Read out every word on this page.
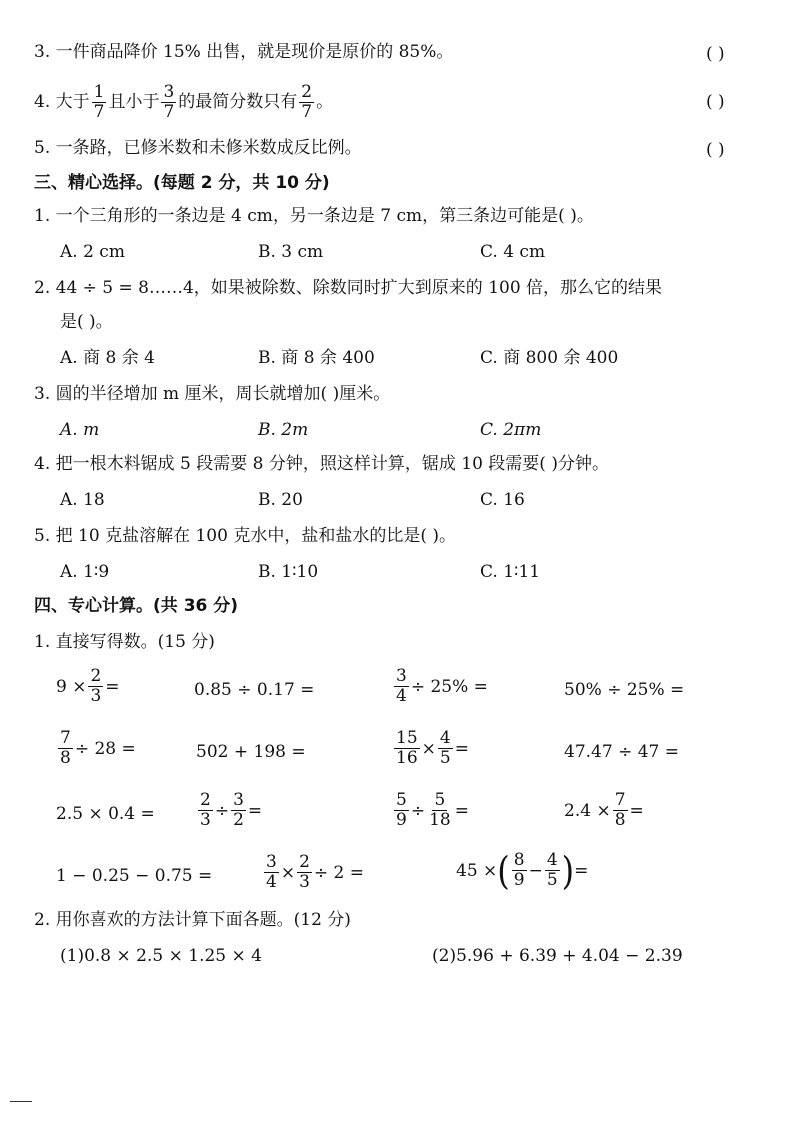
3. 一件商品降价 15% 出售，就是现价是原价的 85%。	( )
4. 大于 $\frac{1}{7}$ 且小于 $\frac{3}{7}$ 的最简分数只有 $\frac{2}{7}$ 。	( )
5. 一条路，已修米数和未修米数成反比例。	( )
三、精心选择。(每题 2 分，共 10 分)
1. 一个三角形的一条边是 4 cm，另一条边是 7 cm，第三条边可能是( )。
A. 2 cm	B. 3 cm	C. 4 cm
2. 44 ÷ 5 = 8……4，如果被除数、除数同时扩大到原来的 100 倍，那么它的结果
是( )。
A. 商 8 余 4	B. 商 8 余 400	C. 商 800 余 400
3. 圆的半径增加 m 厘米，周长就增加( )厘米。
A. m	B. 2m	C. 2πm
4. 把一根木料锯成 5 段需要 8 分钟，照这样计算，锯成 10 段需要( )分钟。
A. 18	B. 20	C. 16
5. 把 10 克盐溶解在 100 克水中，盐和盐水的比是( )。
A. 1∶9	B. 1∶10	C. 1∶11
四、专心计算。(共 36 分)
1. 直接写得数。(15 分)
$9 \times \frac{2}{3}$ =	0.85 ÷ 0.17 =	$\frac{3}{4} \div 25\%$ =	50% ÷ 25% =
$\frac{7}{8} \div 28$ =	502 + 198 =	$\frac{15}{16} \times \frac{4}{5}$ =	47.47 ÷ 47 =
2.5 × 0.4 =	$\frac{2}{3} \div \frac{3}{2}$ =	$\frac{5}{9} \div \frac{5}{18}$ =	$2.4 \times \frac{7}{8}$ =
1 − 0.25 − 0.75 =	$\frac{3}{4} \times \frac{2}{3} \div 2$ =	45 × ( $\frac{8}{9} - \frac{4}{5}$ ) =
2. 用你喜欢的方法计算下面各题。(12 分)
(1)0.8 × 2.5 × 1.25 × 4	(2)5.96 + 6.39 + 4.04 − 2.39
